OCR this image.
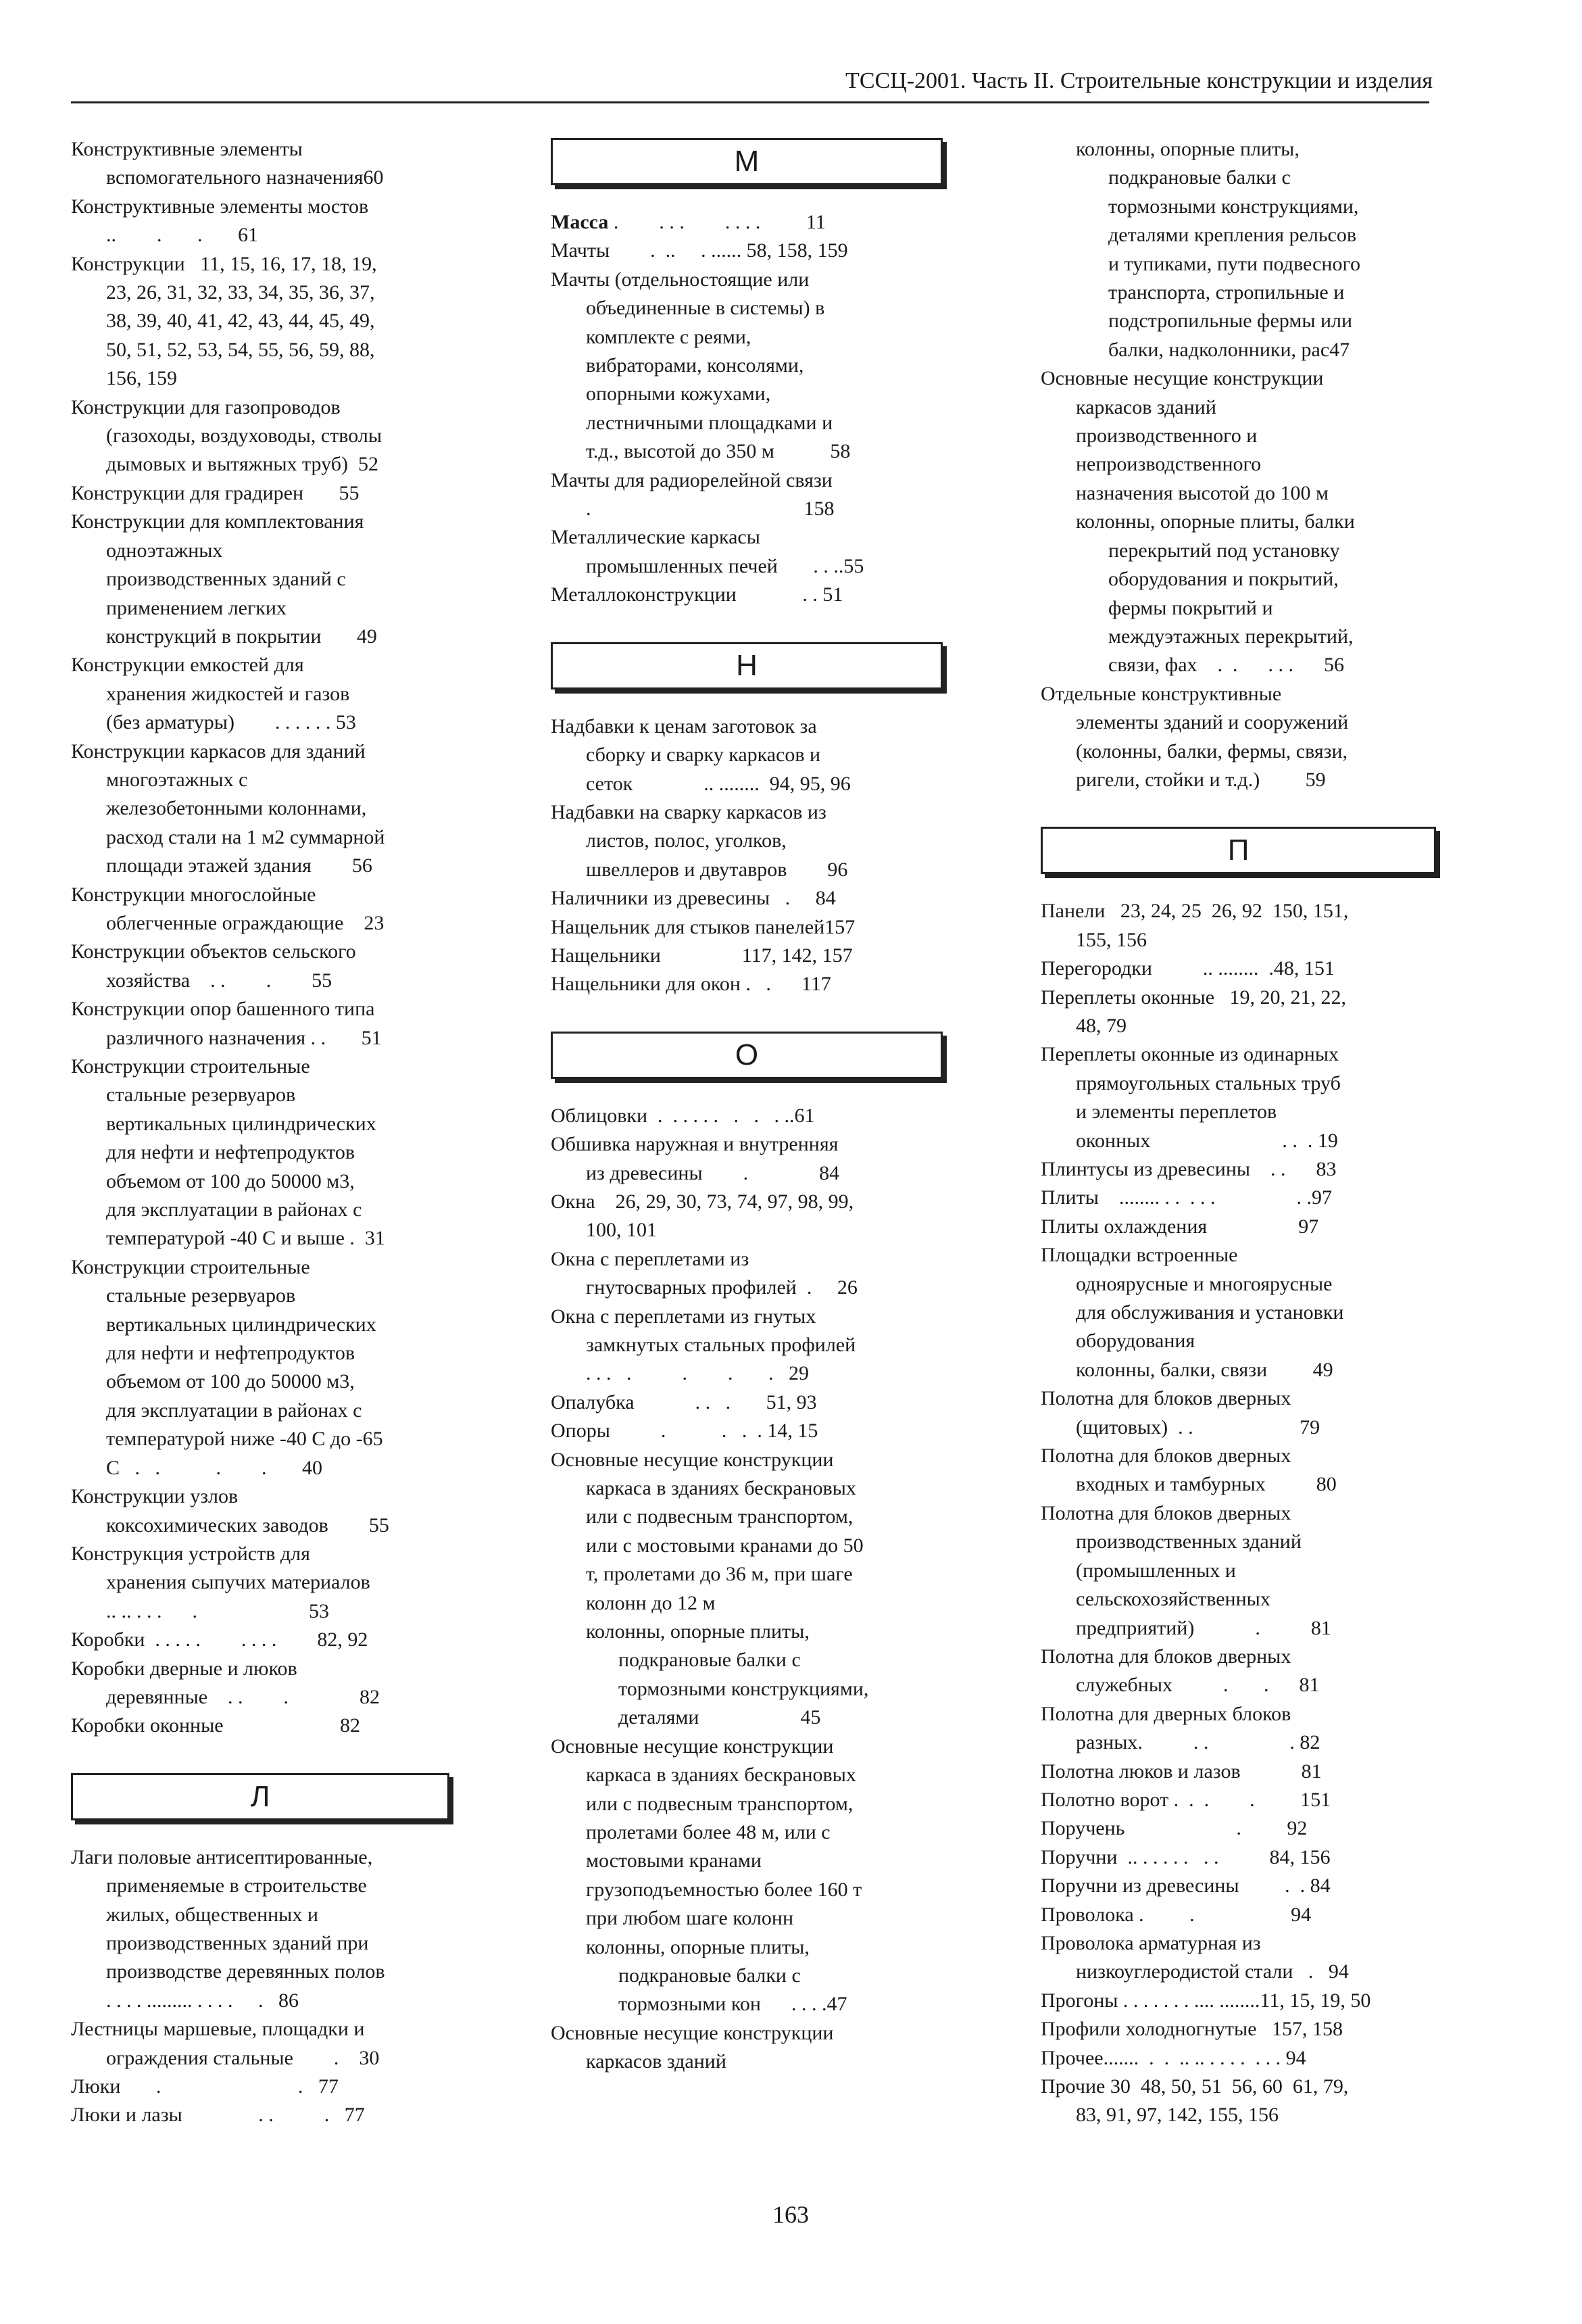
ТССЦ-2001. Часть II. Строительные конструкции и изделия
Конструктивные элементы
вспомогательного назначения60
Конструктивные элементы мостов
..        .       .       61
Конструкции   11, 15, 16, 17, 18, 19,
23, 26, 31, 32, 33, 34, 35, 36, 37,
38, 39, 40, 41, 42, 43, 44, 45, 49,
50, 51, 52, 53, 54, 55, 56, 59, 88,
156, 159
Конструкции для газопроводов
(газоходы, воздуховоды, стволы
дымовых и вытяжных труб)  52
Конструкции для градирен       55
Конструкции для комплектования
одноэтажных
производственных зданий с
применением легких
конструкций в покрытии       49
Конструкции емкостей для
хранения жидкостей и газов
(без арматуры)        . . . . . . 53
Конструкции каркасов для зданий
многоэтажных с
железобетонными колоннами,
расход стали на 1 м2 суммарной
площади этажей здания        56
Конструкции многослойные
облегченные ограждающие    23
Конструкции объектов сельского
хозяйства    . .        .        55
Конструкции опор башенного типа
различного назначения . .       51
Конструкции строительные
стальные резервуаров
вертикальных цилиндрических
для нефти и нефтепродуктов
объемом от 100 до 50000 м3,
для эксплуатации в районах с
температурой -40 С и выше .  31
Конструкции строительные
стальные резервуаров
вертикальных цилиндрических
для нефти и нефтепродуктов
объемом от 100 до 50000 м3,
для эксплуатации в районах с
температурой ниже -40 С до -65
С   .   .           .        .       40
Конструкции узлов
коксохимических заводов        55
Конструкция устройств для
хранения сыпучих материалов
.. .. . . .      .                      53
Коробки  . . . . .        . . . .        82, 92
Коробки дверные и люков
деревянные    . .        .              82
Коробки оконные                       82
Л
Лаги половые антисептированные,
применяемые в строительстве
жилых, общественных и
производственных зданий при
производстве деревянных полов
. . . . ......... . . . .     .   86
Лестницы маршевые, площадки и
ограждения стальные        .    30
Люки       .                           .   77
Люки и лазы               . .          .   77
М
Масса .        . . .        . . . .         11
Мачты        .  ..     . ...... 58, 158, 159
Мачты (отдельностоящие или
объединенные в системы) в
комплекте с реями,
вибраторами, консолями,
опорными кожухами,
лестничными площадками и
т.д., высотой до 350 м           58
Мачты для радиорелейной связи
.                                          158
Металлические каркасы
промышленных печей       . . ..55
Металлоконструкции             . . 51
Н
Надбавки к ценам заготовок за
сборку и сварку каркасов и
сеток              .. ........  94, 95, 96
Надбавки на сварку каркасов из
листов, полос, уголков,
швеллеров и двутавров        96
Наличники из древесины   .     84
Нащельник для стыков панелей157
Нащельники                117, 142, 157
Нащельники для окон .   .      117
О
Облицовки  .  . . . . .   .   .   . ..61
Обшивка наружная и внутренняя
из древесины        .              84
Окна    26, 29, 30, 73, 74, 97, 98, 99,
100, 101
Окна с переплетами из
гнутосварных профилей  .     26
Окна с переплетами из гнутых
замкнутых стальных профилей
. . .   .          .        .       .   29
Опалубка            . .   .       51, 93
Опоры          .           .   .  . 14, 15
Основные несущие конструкции
каркаса в зданиях бескрановых
или с подвесным транспортом,
или с мостовыми кранами до 50
т, пролетами до 36 м, при шаге
колонн до 12 м
колонны, опорные плиты,
подкрановые балки с
тормозными конструкциями,
деталями                    45
Основные несущие конструкции
каркаса в зданиях бескрановых
или с подвесным транспортом,
пролетами более 48 м, или с
мостовыми кранами
грузоподъемностью более 160 т
при любом шаге колонн
колонны, опорные плиты,
подкрановые балки с
тормозными кон      . . . .47
Основные несущие конструкции
каркасов зданий
колонны, опорные плиты,
подкрановые балки с
тормозными конструкциями,
деталями крепления рельсов
и тупиками, пути подвесного
транспорта, стропильные и
подстропильные фермы или
балки, надколонники, рас47
Основные несущие конструкции
каркасов зданий
производственного и
непроизводственного
назначения высотой до 100 м
колонны, опорные плиты, балки
перекрытий под установку
оборудования и покрытий,
фермы покрытий и
междуэтажных перекрытий,
связи, фах    .  .      . . .      56
Отдельные конструктивные
элементы зданий и сооружений
(колонны, балки, фермы, связи,
ригели, стойки и т.д.)         59
П
Панели   23, 24, 25  26, 92  150, 151,
155, 156
Перегородки          .. ........  .48, 151
Переплеты оконные   19, 20, 21, 22,
48, 79
Переплеты оконные из одинарных
прямоугольных стальных труб
и элементы переплетов
оконных                          . .  . 19
Плинтусы из древесины    . .      83
Плиты    ........ . .  . . .                . .97
Плиты охлаждения                  97
Площадки встроенные
одноярусные и многоярусные
для обслуживания и установки
оборудования
колонны, балки, связи         49
Полотна для блоков дверных
(щитовых)  . .                     79
Полотна для блоков дверных
входных и тамбурных          80
Полотна для блоков дверных
производственных зданий
(промышленных и
сельскохозяйственных
предприятий)            .          81
Полотна для блоков дверных
служебных          .       .      81
Полотна для дверных блоков
разных.          . .                . 82
Полотна люков и лазов            81
Полотно ворот .  .  .        .         151
Поручень                      .         92
Поручни  .. . . . . .   . .          84, 156
Поручни из древесины         .  . 84
Проволока .         .                   94
Проволока арматурная из
низкоуглеродистой стали   .   94
Прогоны . . . . . . . .... ........11, 15, 19, 50
Профили холодногнутые   157, 158
Прочее.......  .  .  .. .. . . . .  . . . 94
Прочие 30  48, 50, 51  56, 60  61, 79,
83, 91, 97, 142, 155, 156
163
